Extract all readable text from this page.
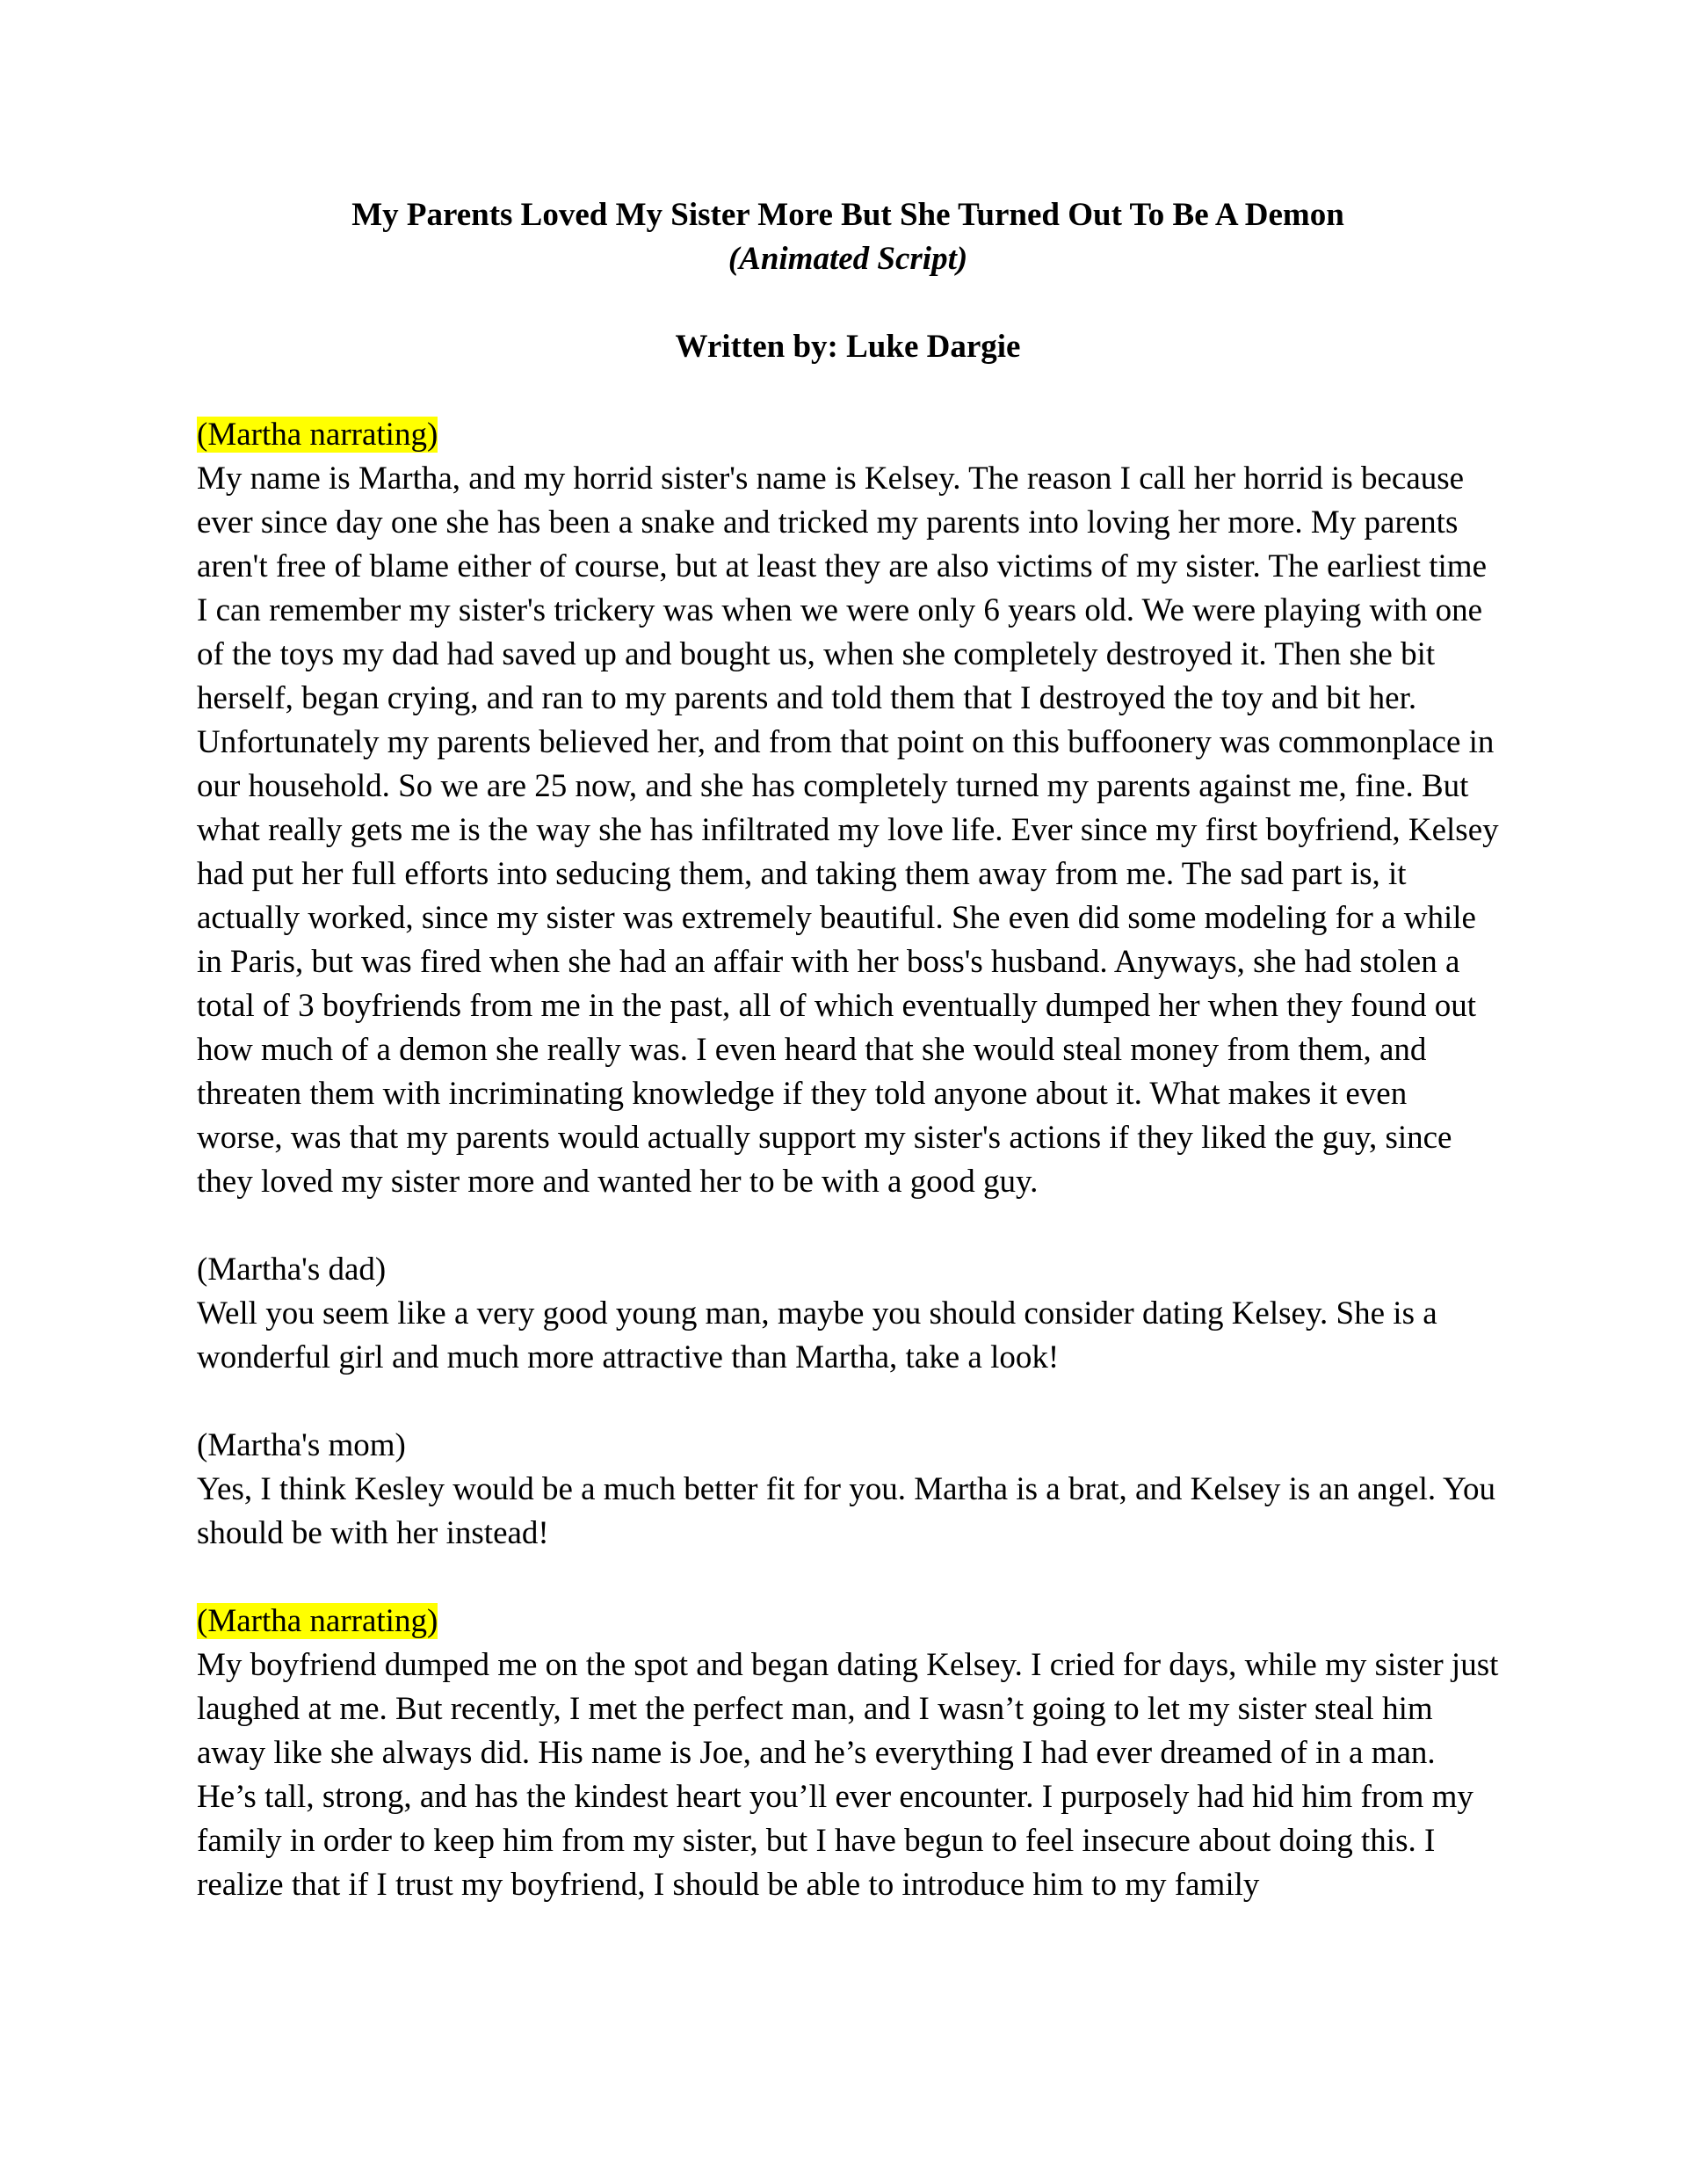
My Parents Loved My Sister More But She Turned Out To Be A Demon

(Animated Script)

Written by: Luke Dargie

(Martha narrating)

My name is Martha, and my horrid sister's name is Kelsey. The reason I call her horrid is because ever since day one she has been a snake and tricked my parents into loving her more. My parents aren't free of blame either of course, but at least they are also victims of my sister. The earliest time I can remember my sister's trickery was when we were only 6 years old. We were playing with one of the toys my dad had saved up and bought us, when she completely destroyed it. Then she bit herself, began crying, and ran to my parents and told them that I destroyed the toy and bit her. Unfortunately my parents believed her, and from that point on this buffoonery was commonplace in our household. So we are 25 now, and she has completely turned my parents against me, fine. But what really gets me is the way she has infiltrated my love life. Ever since my first boyfriend, Kelsey had put her full efforts into seducing them, and taking them away from me. The sad part is, it actually worked, since my sister was extremely beautiful. She even did some modeling for a while in Paris, but was fired when she had an affair with her boss's husband. Anyways, she had stolen a total of 3 boyfriends from me in the past, all of which eventually dumped her when they found out how much of a demon she really was. I even heard that she would steal money from them, and threaten them with incriminating knowledge if they told anyone about it. What makes it even worse, was that my parents would actually support my sister's actions if they liked the guy, since they loved my sister more and wanted her to be with a good guy.

(Martha's dad)

Well you seem like a very good young man, maybe you should consider dating Kelsey. She is a wonderful girl and much more attractive than Martha, take a look!

(Martha's mom)

Yes, I think Kesley would be a much better fit for you. Martha is a brat, and Kelsey is an angel. You should be with her instead!

(Martha narrating)

My boyfriend dumped me on the spot and began dating Kelsey. I cried for days, while my sister just laughed at me. But recently, I met the perfect man, and I wasn’t going to let my sister steal him away like she always did. His name is Joe, and he’s everything I had ever dreamed of in a man. He’s tall, strong, and has the kindest heart you’ll ever encounter. I purposely had hid him from my family in order to keep him from my sister, but I have begun to feel insecure about doing this. I realize that if I trust my boyfriend, I should be able to introduce him to my family
